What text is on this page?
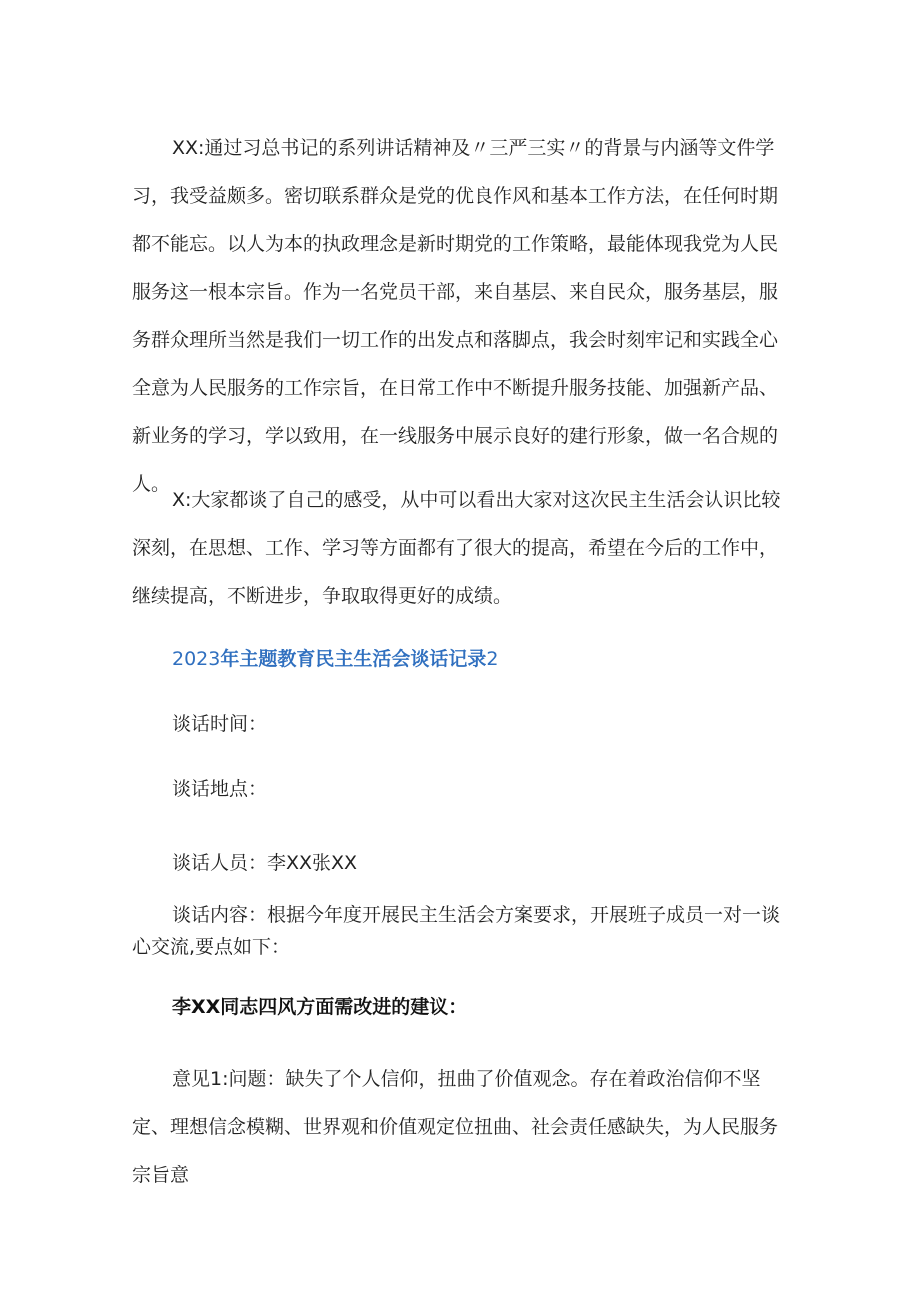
XX:通过习总书记的系列讲话精神及〃三严三实〃的背景与内涵等文件学习，我受益颇多。密切联系群众是党的优良作风和基本工作方法，在任何时期都不能忘。以人为本的执政理念是新时期党的工作策略，最能体现我党为人民服务这一根本宗旨。作为一名党员干部，来自基层、来自民众，服务基层，服务群众理所当然是我们一切工作的出发点和落脚点，我会时刻牢记和实践全心全意为人民服务的工作宗旨，在日常工作中不断提升服务技能、加强新产品、新业务的学习，学以致用，在一线服务中展示良好的建行形象，做一名合规的人。

X:大家都谈了自己的感受，从中可以看出大家对这次民主生活会认识比较深刻，在思想、工作、学习等方面都有了很大的提高，希望在今后的工作中，继续提高，不断进步，争取取得更好的成绩。

2023年主题教育民主生活会谈话记录2

谈话时间：

谈话地点：

谈话人员：李XX张XX

谈话内容：根据今年度开展民主生活会方案要求，开展班子成员一对一谈心交流,要点如下：

李XX同志四风方面需改进的建议：

意见1:问题：缺失了个人信仰，扭曲了价值观念。存在着政治信仰不坚定、理想信念模糊、世界观和价值观定位扭曲、社会责任感缺失，为人民服务宗旨意
